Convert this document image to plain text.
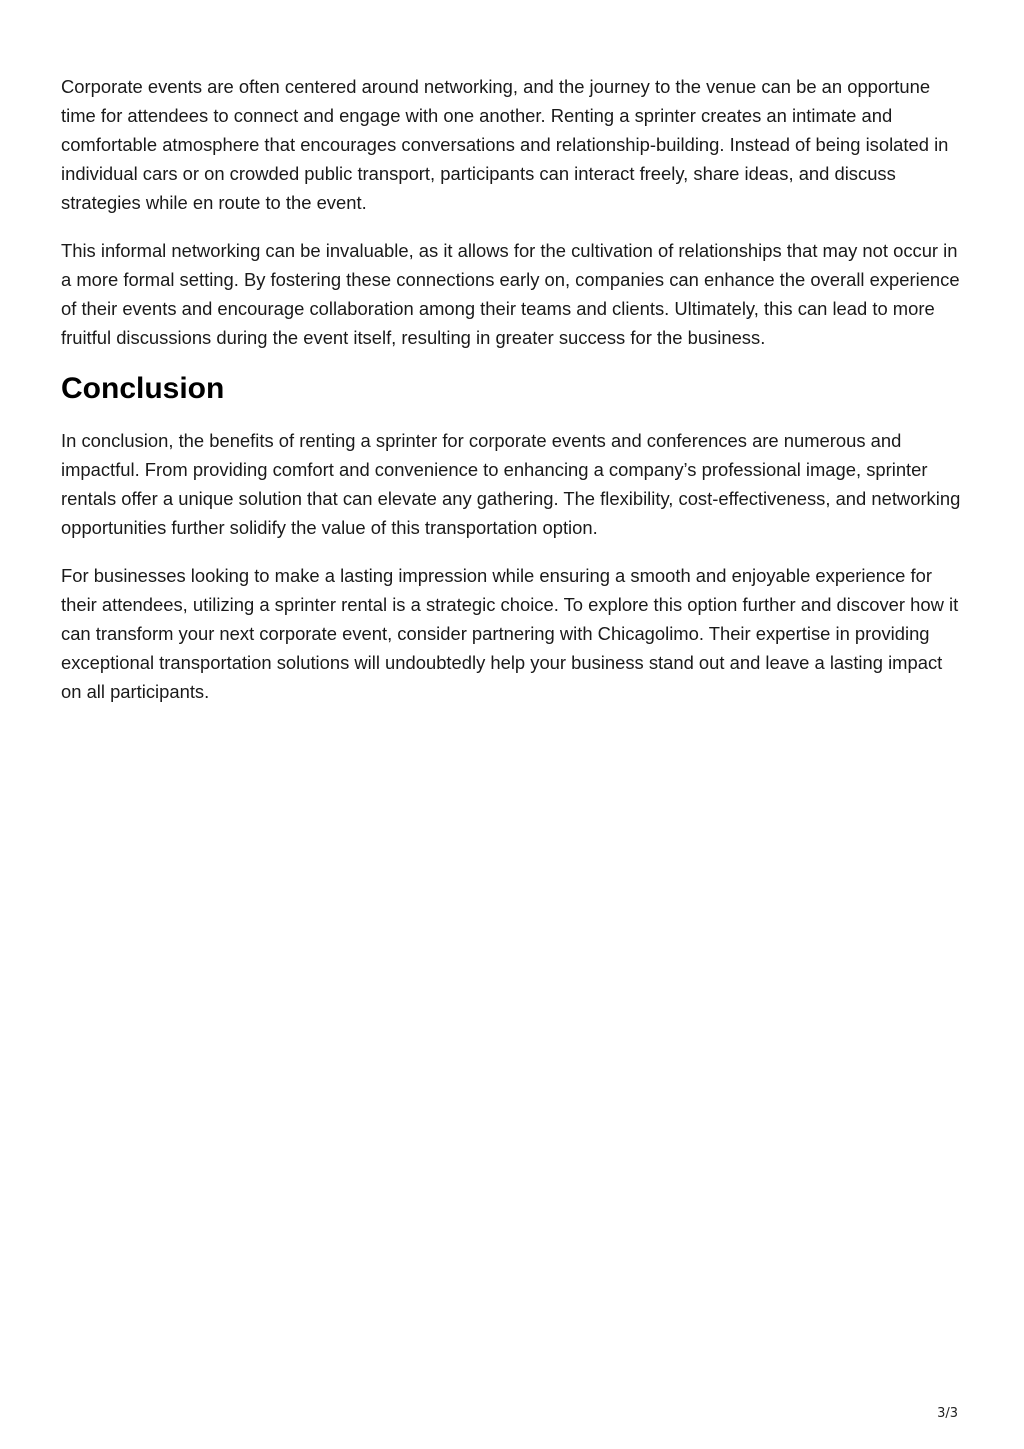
Corporate events are often centered around networking, and the journey to the venue can be an opportune time for attendees to connect and engage with one another. Renting a sprinter creates an intimate and comfortable atmosphere that encourages conversations and relationship-building. Instead of being isolated in individual cars or on crowded public transport, participants can interact freely, share ideas, and discuss strategies while en route to the event.

This informal networking can be invaluable, as it allows for the cultivation of relationships that may not occur in a more formal setting. By fostering these connections early on, companies can enhance the overall experience of their events and encourage collaboration among their teams and clients. Ultimately, this can lead to more fruitful discussions during the event itself, resulting in greater success for the business.

Conclusion

In conclusion, the benefits of renting a sprinter for corporate events and conferences are numerous and impactful. From providing comfort and convenience to enhancing a company’s professional image, sprinter rentals offer a unique solution that can elevate any gathering. The flexibility, cost-effectiveness, and networking opportunities further solidify the value of this transportation option.

For businesses looking to make a lasting impression while ensuring a smooth and enjoyable experience for their attendees, utilizing a sprinter rental is a strategic choice. To explore this option further and discover how it can transform your next corporate event, consider partnering with Chicagolimo. Their expertise in providing exceptional transportation solutions will undoubtedly help your business stand out and leave a lasting impact on all participants.

3/3
